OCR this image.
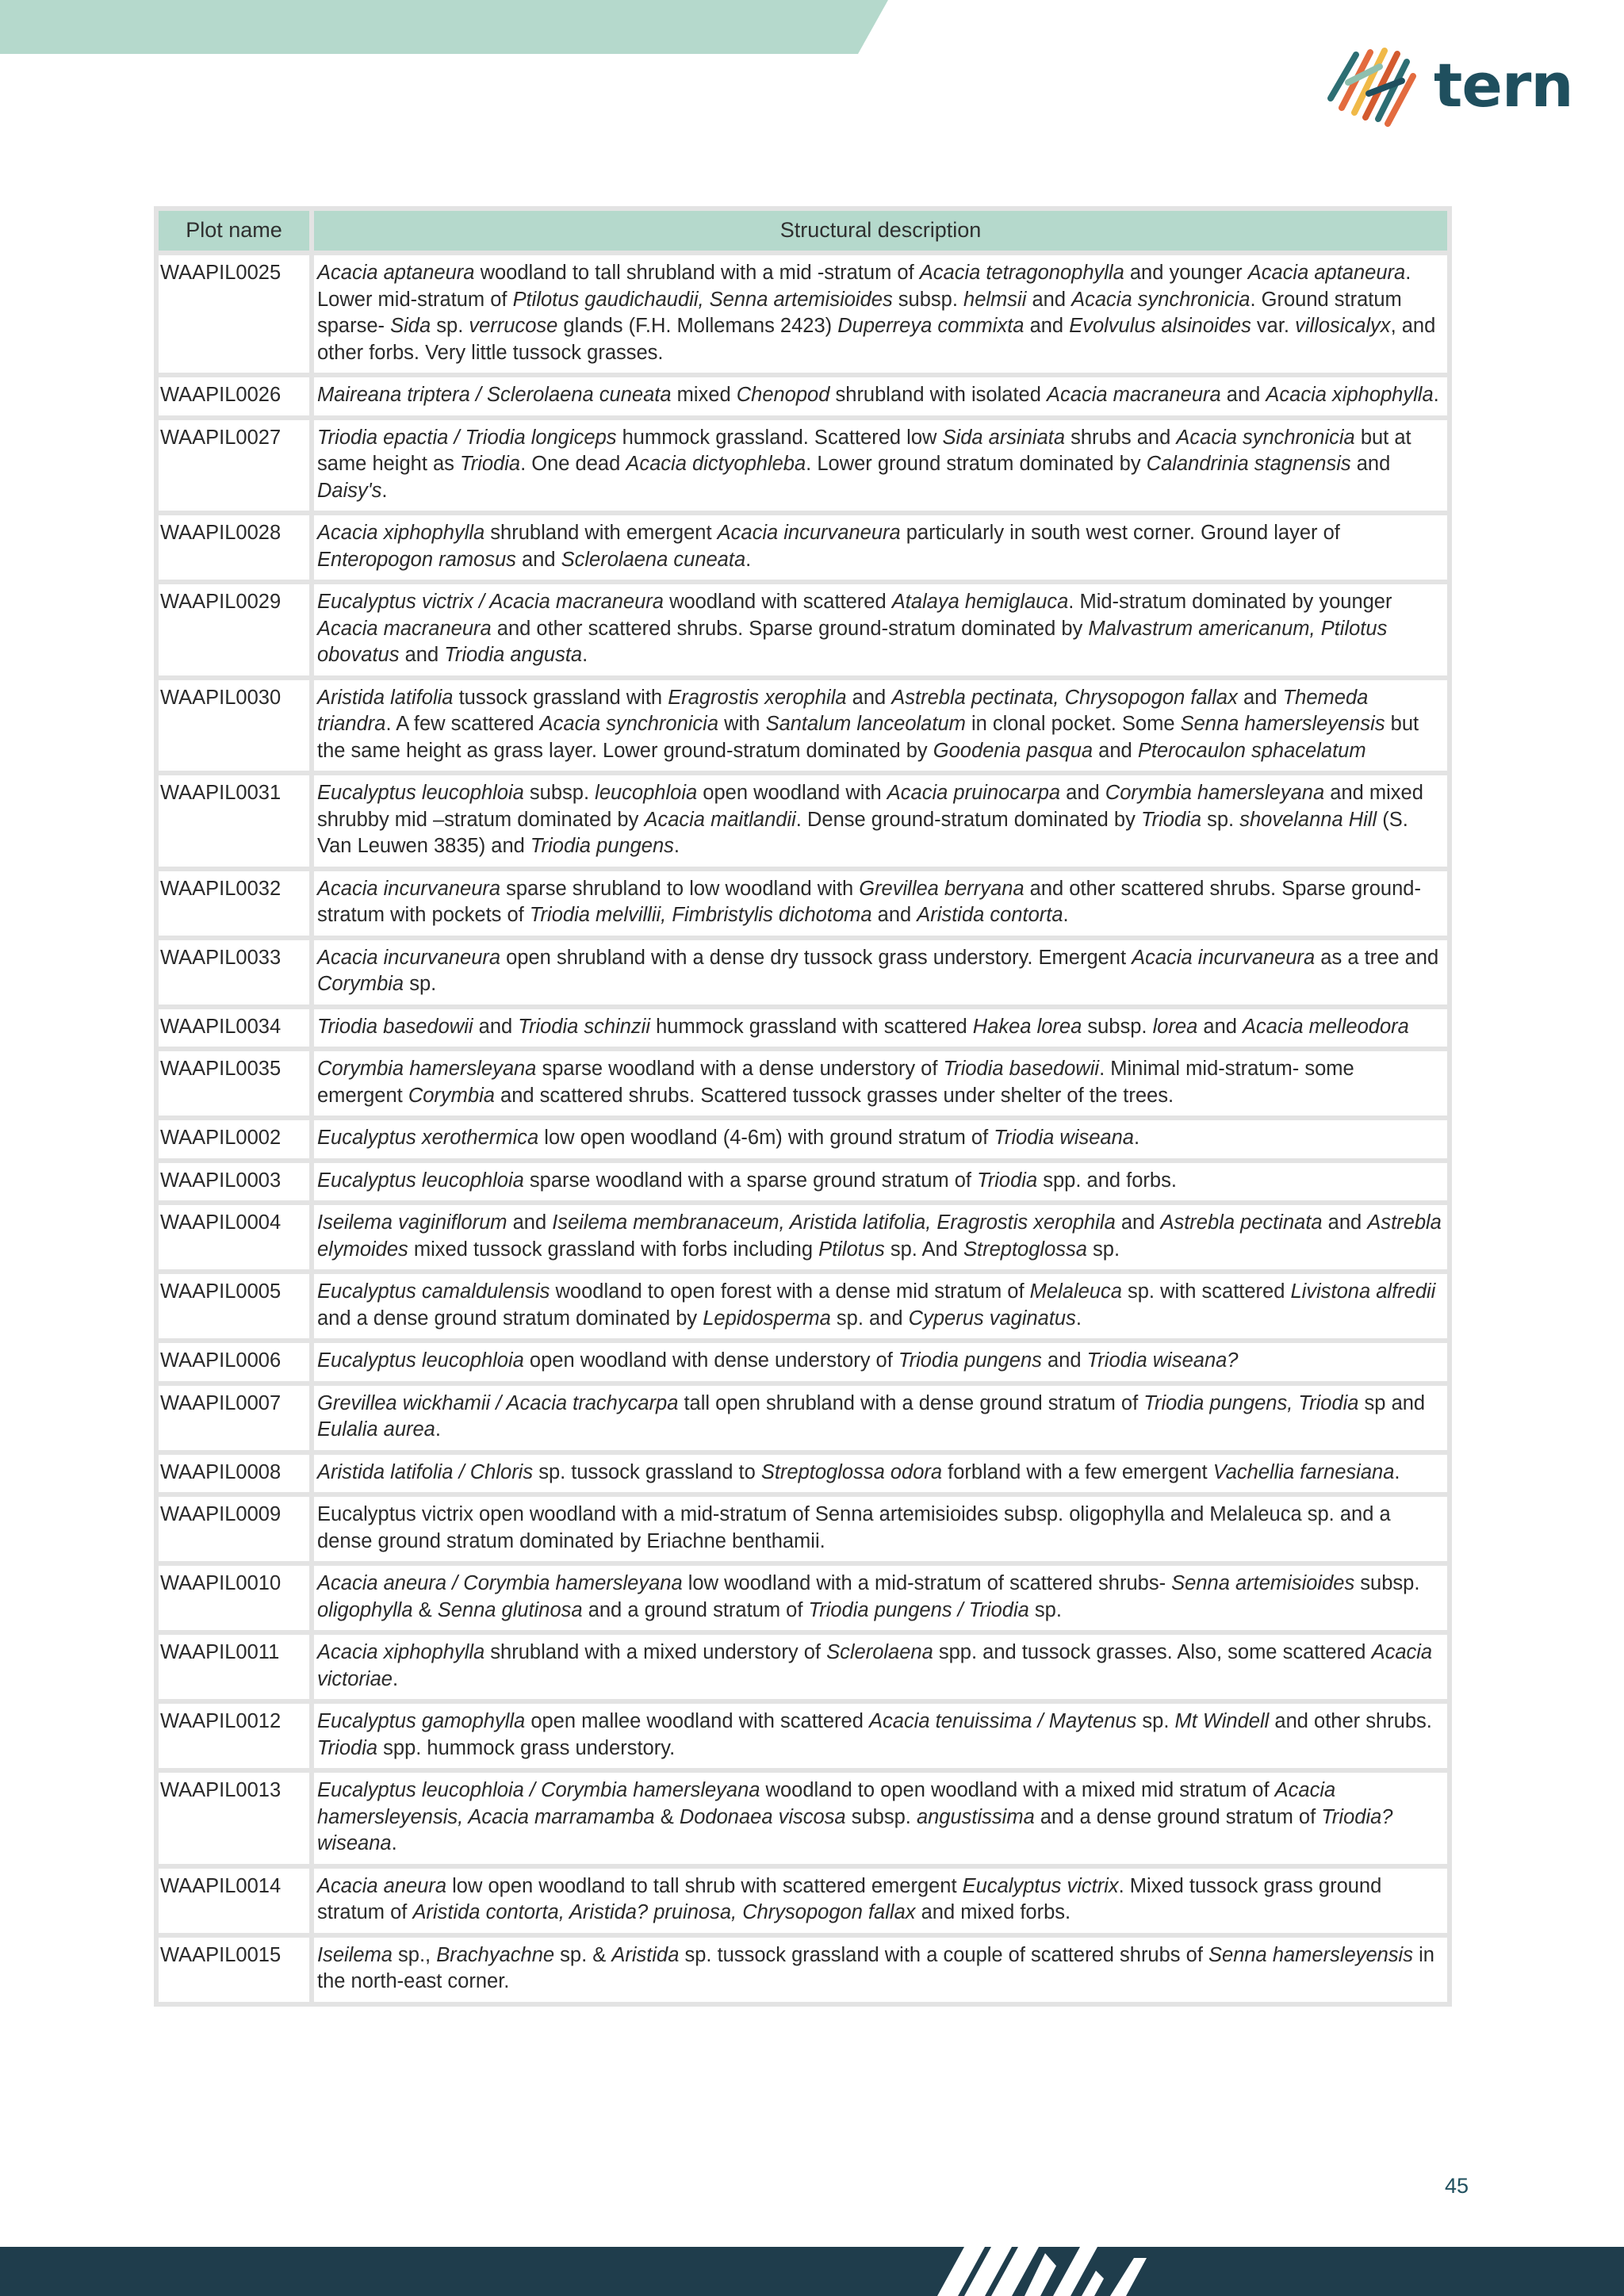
tern
Plot name	Structural description
WAAPIL0025	Acacia aptaneura woodland to tall shrubland with a mid -stratum of Acacia tetragonophylla and younger Acacia aptaneura. Lower mid-stratum of Ptilotus gaudichaudii, Senna artemisioides subsp. helmsii and Acacia synchronicia. Ground stratum sparse- Sida sp. verrucose glands (F.H. Mollemans 2423) Duperreya commixta and Evolvulus alsinoides var. villosicalyx, and other forbs. Very little tussock grasses.
WAAPIL0026	Maireana triptera / Sclerolaena cuneata mixed Chenopod shrubland with isolated Acacia macraneura and Acacia xiphophylla.
WAAPIL0027	Triodia epactia / Triodia longiceps hummock grassland. Scattered low Sida arsiniata shrubs and Acacia synchronicia but at same height as Triodia. One dead Acacia dictyophleba. Lower ground stratum dominated by Calandrinia stagnensis and Daisy's.
WAAPIL0028	Acacia xiphophylla shrubland with emergent Acacia incurvaneura particularly in south west corner. Ground layer of Enteropogon ramosus and Sclerolaena cuneata.
WAAPIL0029	Eucalyptus victrix / Acacia macraneura woodland with scattered Atalaya hemiglauca. Mid-stratum dominated by younger Acacia macraneura and other scattered shrubs. Sparse ground-stratum dominated by Malvastrum americanum, Ptilotus obovatus and Triodia angusta.
WAAPIL0030	Aristida latifolia tussock grassland with Eragrostis xerophila and Astrebla pectinata, Chrysopogon fallax and Themeda triandra. A few scattered Acacia synchronicia with Santalum lanceolatum in clonal pocket. Some Senna hamersleyensis but the same height as grass layer. Lower ground-stratum dominated by Goodenia pasqua and Pterocaulon sphacelatum
WAAPIL0031	Eucalyptus leucophloia subsp. leucophloia open woodland with Acacia pruinocarpa and Corymbia hamersleyana and mixed shrubby mid –stratum dominated by Acacia maitlandii. Dense ground-stratum dominated by Triodia sp. shovelanna Hill (S. Van Leuwen 3835) and Triodia pungens.
WAAPIL0032	Acacia incurvaneura sparse shrubland to low woodland with Grevillea berryana and other scattered shrubs. Sparse ground-stratum with pockets of Triodia melvillii, Fimbristylis dichotoma and Aristida contorta.
WAAPIL0033	Acacia incurvaneura open shrubland with a dense dry tussock grass understory. Emergent Acacia incurvaneura as a tree and Corymbia sp.
WAAPIL0034	Triodia basedowii and Triodia schinzii hummock grassland with scattered Hakea lorea subsp. lorea and Acacia melleodora
WAAPIL0035	Corymbia hamersleyana sparse woodland with a dense understory of Triodia basedowii. Minimal mid-stratum- some emergent Corymbia and scattered shrubs. Scattered tussock grasses under shelter of the trees.
WAAPIL0002	Eucalyptus xerothermica low open woodland (4-6m) with ground stratum of Triodia wiseana.
WAAPIL0003	Eucalyptus leucophloia sparse woodland with a sparse ground stratum of Triodia spp. and forbs.
WAAPIL0004	Iseilema vaginiflorum and Iseilema membranaceum, Aristida latifolia, Eragrostis xerophila and Astrebla pectinata and Astrebla elymoides mixed tussock grassland with forbs including Ptilotus sp. And Streptoglossa sp.
WAAPIL0005	Eucalyptus camaldulensis woodland to open forest with a dense mid stratum of Melaleuca sp. with scattered Livistona alfredii and a dense ground stratum dominated by Lepidosperma sp. and Cyperus vaginatus.
WAAPIL0006	Eucalyptus leucophloia open woodland with dense understory of Triodia pungens and Triodia wiseana?
WAAPIL0007	Grevillea wickhamii / Acacia trachycarpa tall open shrubland with a dense ground stratum of Triodia pungens, Triodia sp and Eulalia aurea.
WAAPIL0008	Aristida latifolia / Chloris sp. tussock grassland to Streptoglossa odora forbland with a few emergent Vachellia farnesiana.
WAAPIL0009	Eucalyptus victrix open woodland with a mid-stratum of Senna artemisioides subsp. oligophylla and Melaleuca sp. and a dense ground stratum dominated by Eriachne benthamii.
WAAPIL0010	Acacia aneura / Corymbia hamersleyana low woodland with a mid-stratum of scattered shrubs- Senna artemisioides subsp. oligophylla & Senna glutinosa and a ground stratum of Triodia pungens / Triodia sp.
WAAPIL0011	Acacia xiphophylla shrubland with a mixed understory of Sclerolaena spp. and tussock grasses. Also, some scattered Acacia victoriae.
WAAPIL0012	Eucalyptus gamophylla open mallee woodland with scattered Acacia tenuissima / Maytenus sp. Mt Windell and other shrubs. Triodia spp. hummock grass understory.
WAAPIL0013	Eucalyptus leucophloia / Corymbia hamersleyana woodland to open woodland with a mixed mid stratum of Acacia hamersleyensis, Acacia marramamba & Dodonaea viscosa subsp. angustissima and a dense ground stratum of Triodia? wiseana.
WAAPIL0014	Acacia aneura low open woodland to tall shrub with scattered emergent Eucalyptus victrix. Mixed tussock grass ground stratum of Aristida contorta, Aristida? pruinosa, Chrysopogon fallax and mixed forbs.
WAAPIL0015	Iseilema sp., Brachyachne sp. & Aristida sp. tussock grassland with a couple of scattered shrubs of Senna hamersleyensis in the north-east corner.
45
